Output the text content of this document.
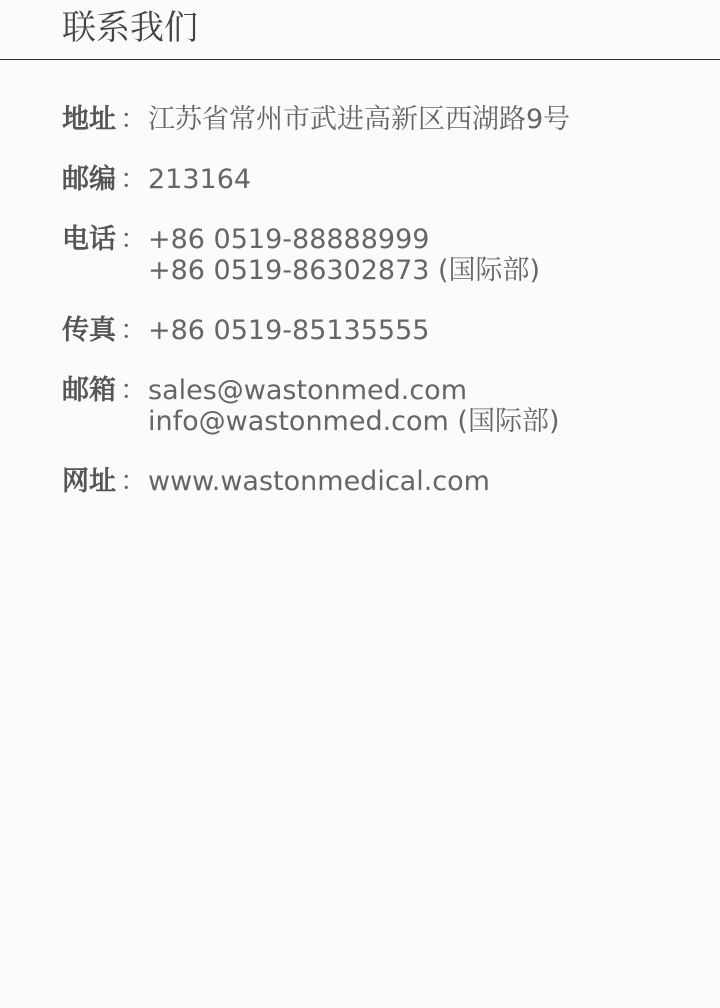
联系我们
地址 ： 江苏省常州市武进高新区西湖路9号
邮编 ： 213164
电话 ： +86 0519-88888999
+86 0519-86302873 (国际部)
传真 ： +86 0519-85135555
邮箱 ： sales@wastonmed.com
info@wastonmed.com (国际部)
网址 ： www.wastonmedical.com
